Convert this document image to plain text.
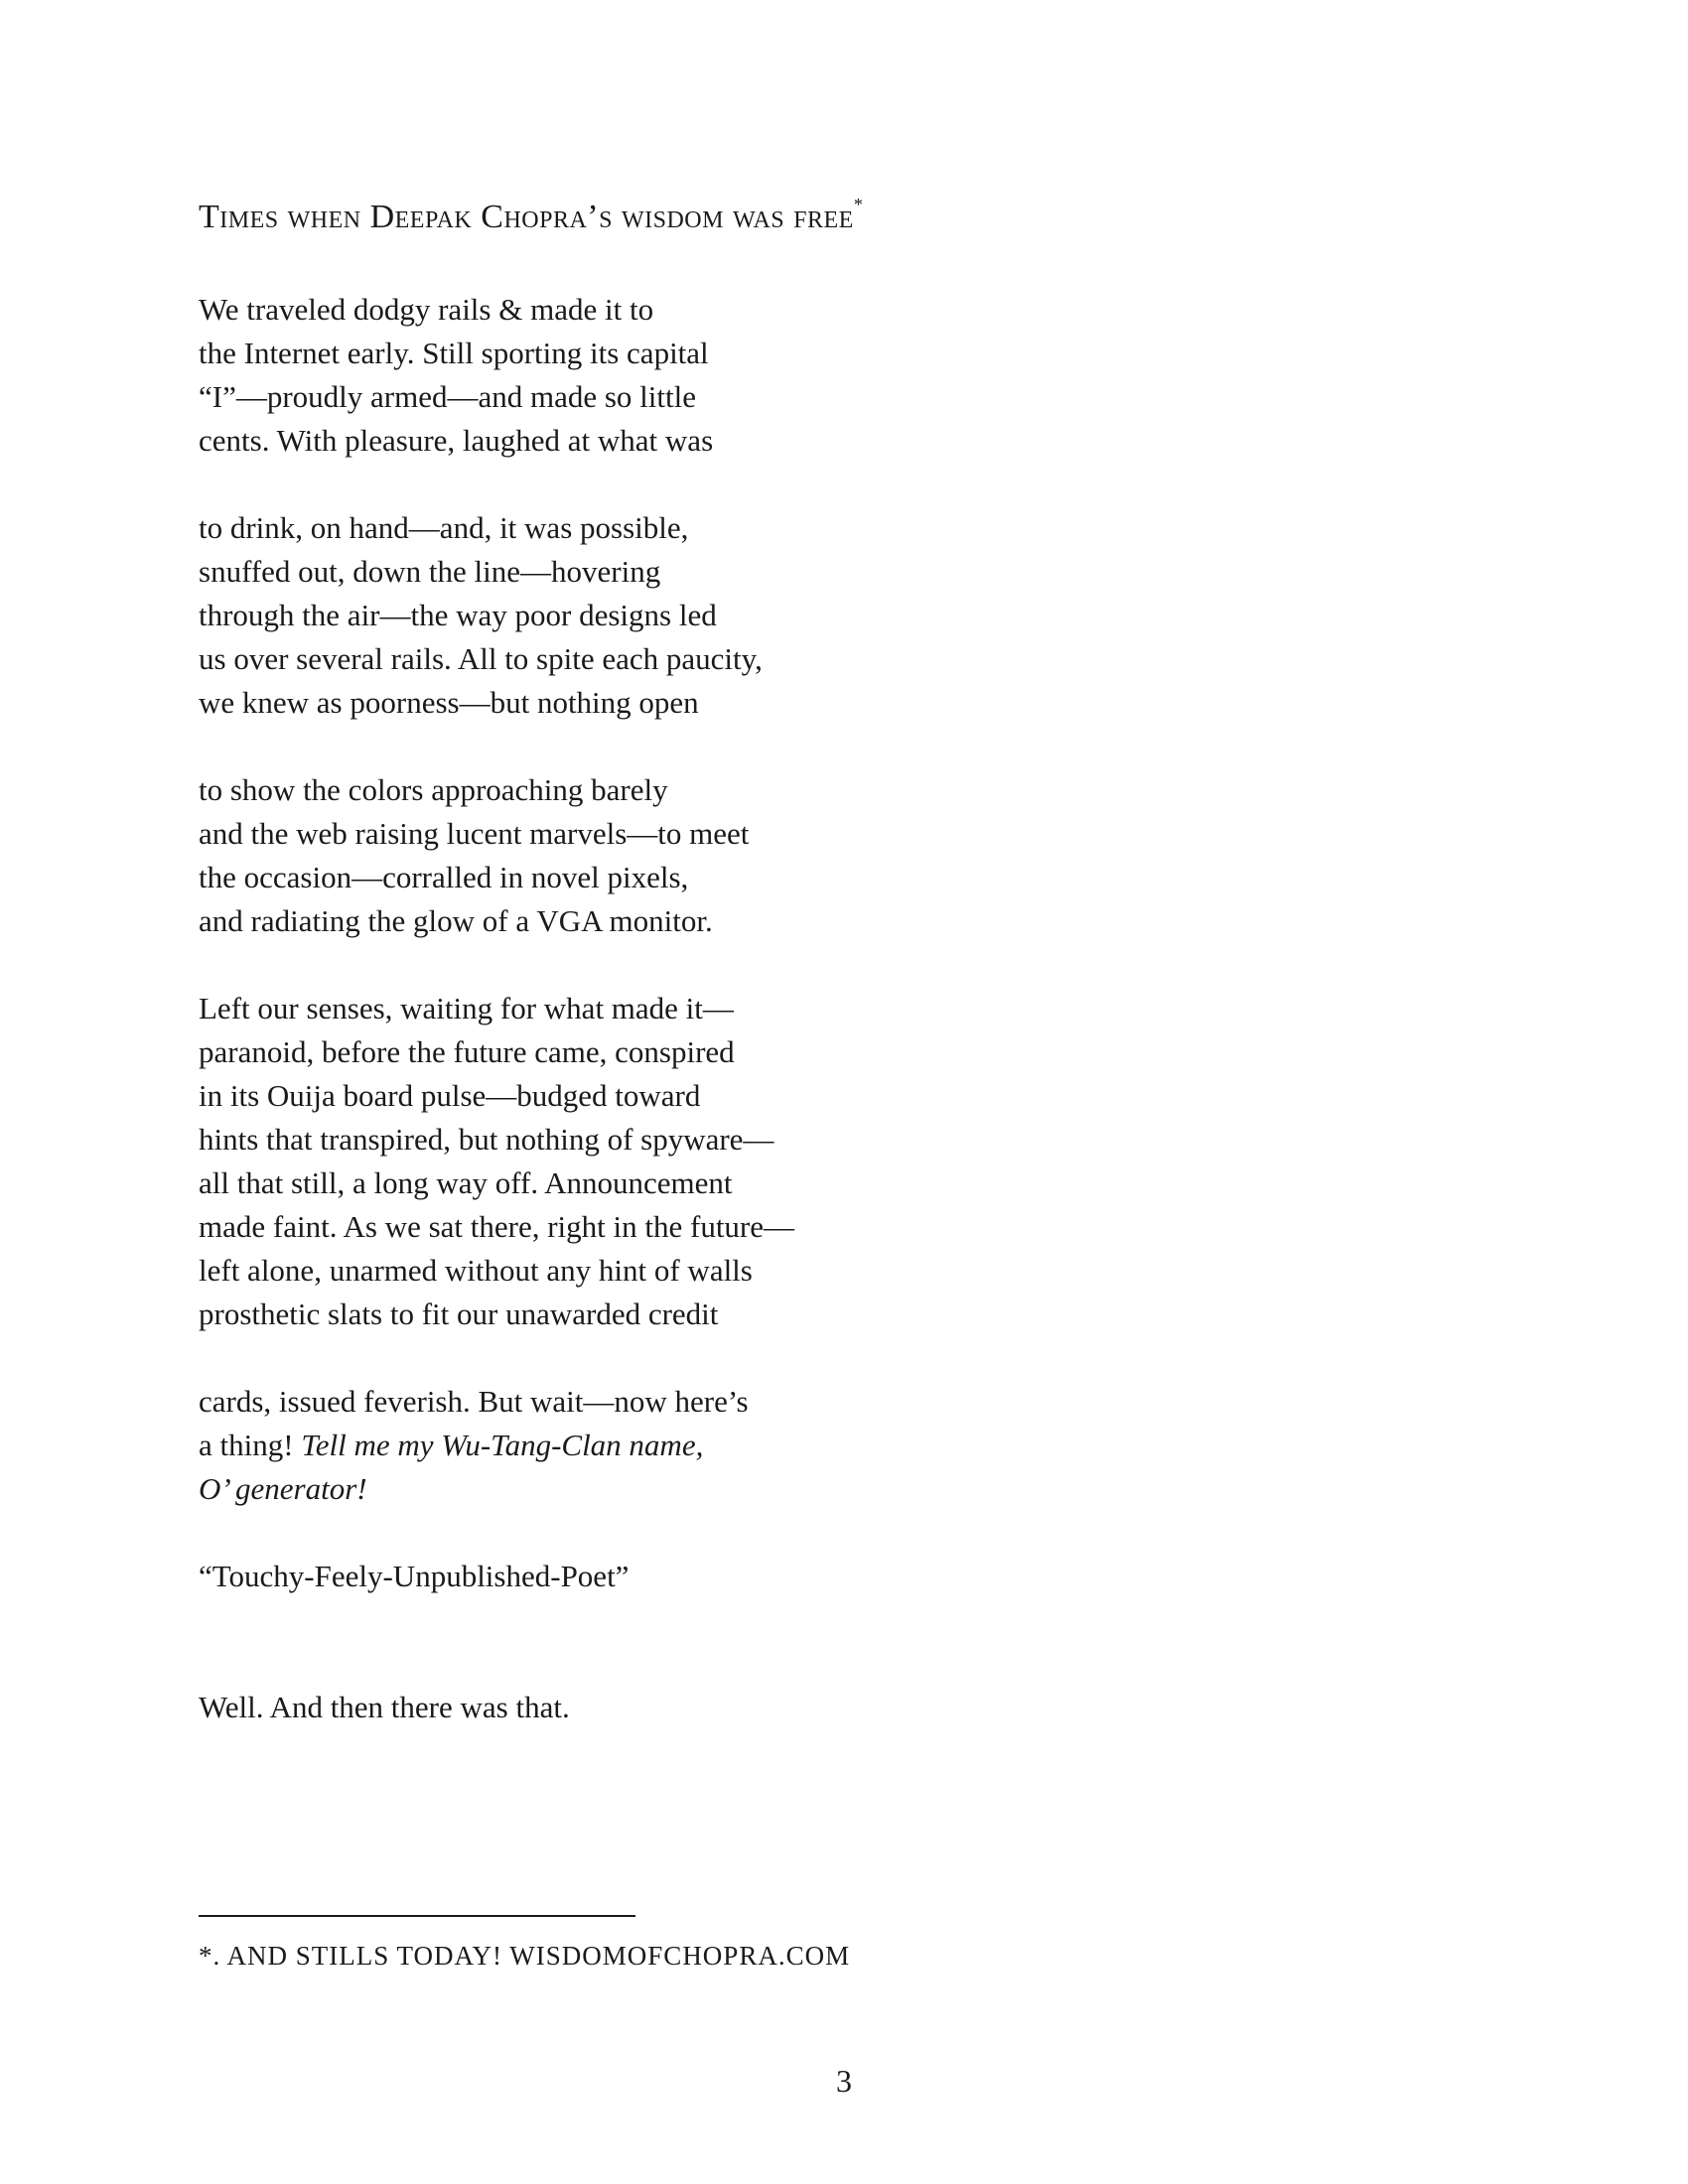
Times when Deepak Chopra’s wisdom was free*
We traveled dodgy rails & made it to
the Internet early. Still sporting its capital
“I”—proudly armed—and made so little
cents. With pleasure, laughed at what was
to drink, on hand—and, it was possible,
snuffed out, down the line—hovering
through the air—the way poor designs led
us over several rails. All to spite each paucity,
we knew as poorness—but nothing open
to show the colors approaching barely
and the web raising lucent marvels—to meet
the occasion—corralled in novel pixels,
and radiating the glow of a VGA monitor.
Left our senses, waiting for what made it—
paranoid, before the future came, conspired
in its Ouija board pulse—budged toward
hints that transpired, but nothing of spyware—
all that still, a long way off. Announcement
made faint. As we sat there, right in the future—
left alone, unarmed without any hint of walls
prosthetic slats to fit our unawarded credit
cards, issued feverish. But wait—now here’s
a thing! Tell me my Wu-Tang-Clan name,
O’ generator!
“Touchy-Feely-Unpublished-Poet”
Well. And then there was that.
*. AND STILLS TODAY! WISDOMOFCHOPRA.COM
3
